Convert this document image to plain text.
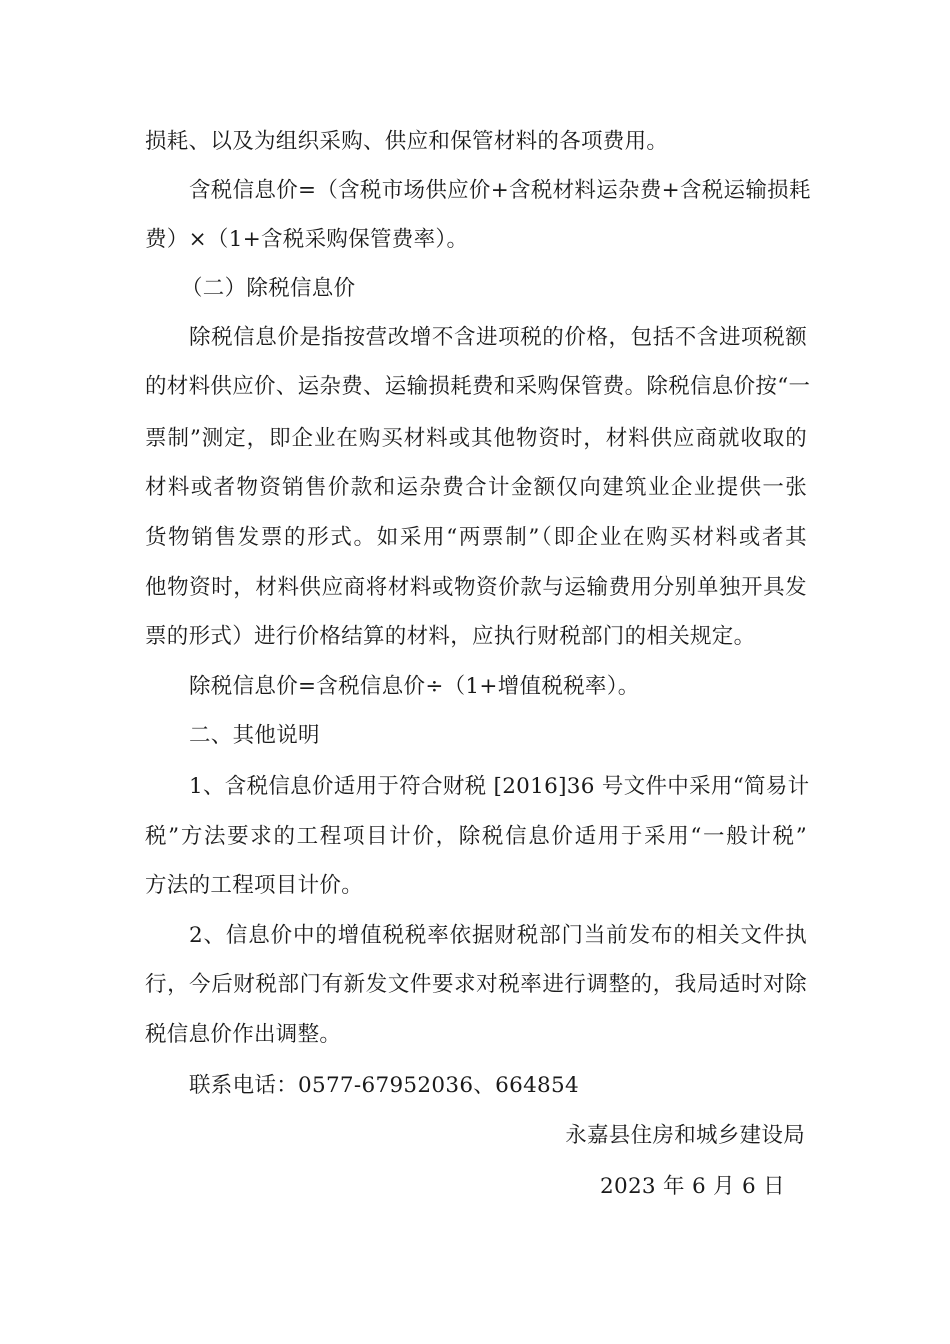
损耗、以及为组织采购、供应和保管材料的各项费用。
含税信息价=（含税市场供应价+含税材料运杂费+含税运输损耗
费）×（1+含税采购保管费率）。
（二）除税信息价
除税信息价是指按营改增不含进项税的价格，包括不含进项税额
的材料供应价、运杂费、运输损耗费和采购保管费。除税信息价按“一
票制”测定，即企业在购买材料或其他物资时，材料供应商就收取的
材料或者物资销售价款和运杂费合计金额仅向建筑业企业提供一张
货物销售发票的形式。如采用“两票制”（即企业在购买材料或者其
他物资时，材料供应商将材料或物资价款与运输费用分别单独开具发
票的形式）进行价格结算的材料，应执行财税部门的相关规定。
除税信息价=含税信息价÷（1+增值税税率）。
二、其他说明
1、含税信息价适用于符合财税 [2016]36 号文件中采用“简易计
税”方法要求的工程项目计价，除税信息价适用于采用“一般计税”
方法的工程项目计价。
2、信息价中的增值税税率依据财税部门当前发布的相关文件执
行，今后财税部门有新发文件要求对税率进行调整的，我局适时对除
税信息价作出调整。
联系电话：0577-67952036、664854
永嘉县住房和城乡建设局
2023 年 6 月 6 日
